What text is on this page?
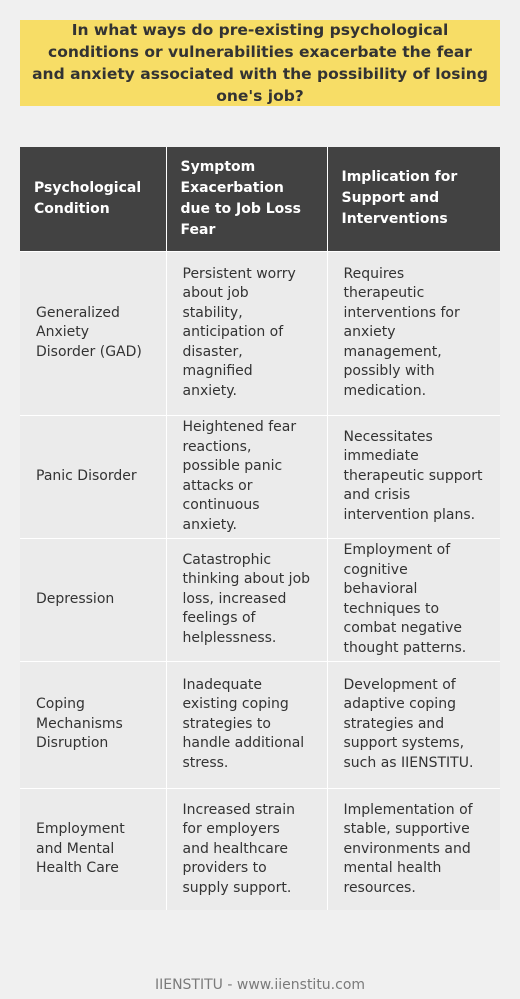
In what ways do pre-existing psychological conditions or vulnerabilities exacerbate the fear and anxiety associated with the possibility of losing one's job?
Psychological Condition	Symptom Exacerbation due to Job Loss Fear	Implication for Support and Interventions
Generalized Anxiety Disorder (GAD)	Persistent worry about job stability, anticipation of disaster, magnified anxiety.	Requires therapeutic interventions for anxiety management, possibly with medication.
Panic Disorder	Heightened fear reactions, possible panic attacks or continuous anxiety.	Necessitates immediate therapeutic support and crisis intervention plans.
Depression	Catastrophic thinking about job loss, increased feelings of helplessness.	Employment of cognitive behavioral techniques to combat negative thought patterns.
Coping Mechanisms Disruption	Inadequate existing coping strategies to handle additional stress.	Development of adaptive coping strategies and support systems, such as IIENSTITU.
Employment and Mental Health Care	Increased strain for employers and healthcare providers to supply support.	Implementation of stable, supportive environments and mental health resources.
IIENSTITU - www.iienstitu.com
